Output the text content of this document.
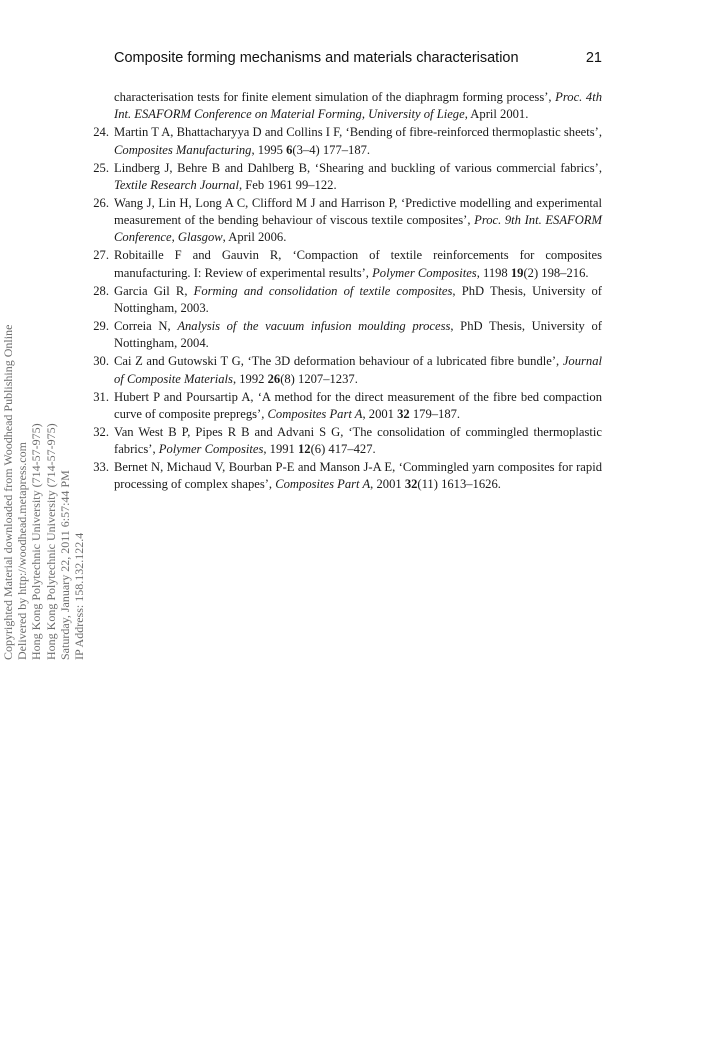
Composite forming mechanisms and materials characterisation	21
characterisation tests for finite element simulation of the diaphragm forming process’, Proc. 4th Int. ESAFORM Conference on Material Forming, University of Liege, April 2001.
24. Martin T A, Bhattacharyya D and Collins I F, ‘Bending of fibre-reinforced thermoplastic sheets’, Composites Manufacturing, 1995 6(3–4) 177–187.
25. Lindberg J, Behre B and Dahlberg B, ‘Shearing and buckling of various commercial fabrics’, Textile Research Journal, Feb 1961 99–122.
26. Wang J, Lin H, Long A C, Clifford M J and Harrison P, ‘Predictive modelling and experimental measurement of the bending behaviour of viscous textile composites’, Proc. 9th Int. ESAFORM Conference, Glasgow, April 2006.
27. Robitaille F and Gauvin R, ‘Compaction of textile reinforcements for composites manufacturing. I: Review of experimental results’, Polymer Composites, 1198 19(2) 198–216.
28. Garcia Gil R, Forming and consolidation of textile composites, PhD Thesis, University of Nottingham, 2003.
29. Correia N, Analysis of the vacuum infusion moulding process, PhD Thesis, University of Nottingham, 2004.
30. Cai Z and Gutowski T G, ‘The 3D deformation behaviour of a lubricated fibre bundle’, Journal of Composite Materials, 1992 26(8) 1207–1237.
31. Hubert P and Poursartip A, ‘A method for the direct measurement of the fibre bed compaction curve of composite prepregs’, Composites Part A, 2001 32 179–187.
32. Van West B P, Pipes R B and Advani S G, ‘The consolidation of commingled thermoplastic fabrics’, Polymer Composites, 1991 12(6) 417–427.
33. Bernet N, Michaud V, Bourban P-E and Manson J-A E, ‘Commingled yarn composites for rapid processing of complex shapes’, Composites Part A, 2001 32(11) 1613–1626.
Copyrighted Material downloaded from Woodhead Publishing Online Delivered by http://woodhead.metapress.com Hong Kong Polytechnic University (714-57-975) Hong Kong Polytechnic University (714-57-975) Saturday, January 22, 2011 6:57:44 PM IP Address: 158.132.122.4
